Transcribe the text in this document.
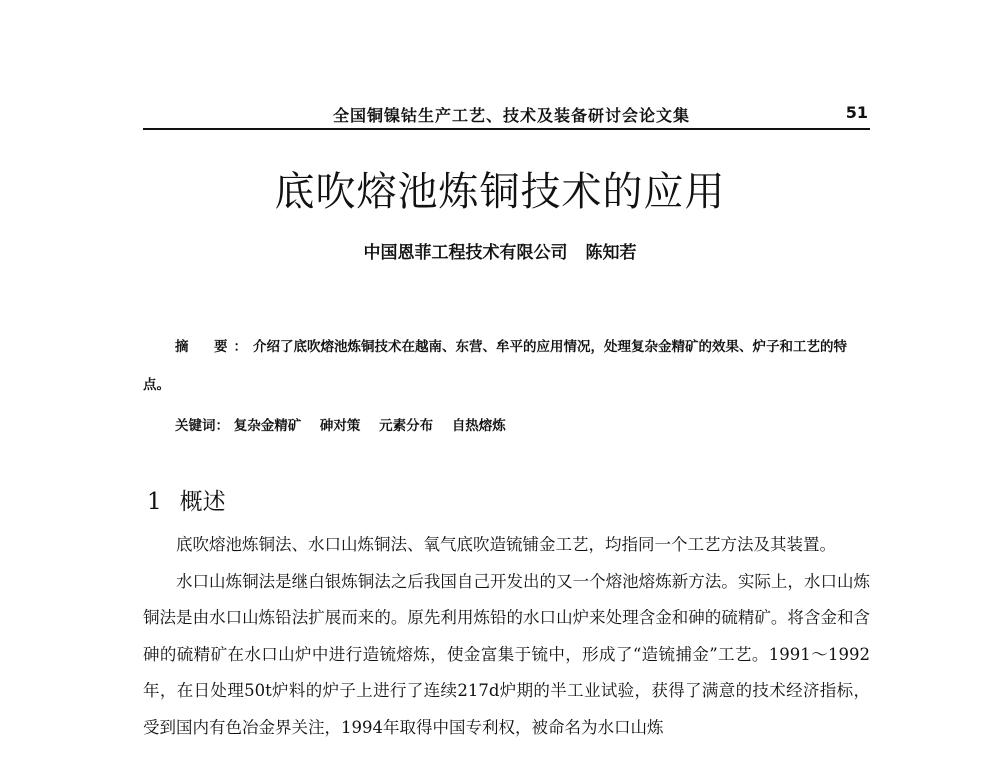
全国铜镍钴生产工艺、技术及装备研讨会论文集	51
底吹熔池炼铜技术的应用
中国恩菲工程技术有限公司 陈知若
摘　要：介绍了底吹熔池炼铜技术在越南、东营、牟平的应用情况，处理复杂金精矿的效果、炉子和工艺的特点。
关键词： 复杂金精矿 砷对策 元素分布 自热熔炼
1 概述

底吹熔池炼铜法、水口山炼铜法、氧气底吹造锍铺金工艺，均指同一个工艺方法及其装置。

水口山炼铜法是继白银炼铜法之后我国自己开发出的又一个熔池熔炼新方法。实际上，水口山炼铜法是由水口山炼铅法扩展而来的。原先利用炼铅的水口山炉来处理含金和砷的硫精矿。将含金和含砷的硫精矿在水口山炉中进行造锍熔炼，使金富集于锍中，形成了“造锍捕金”工艺。1991～1992年，在日处理50t炉料的炉子上进行了连续217d炉期的半工业试验，获得了满意的技术经济指标，受到国内有色冶金界关注，1994年取得中国专利权，被命名为水口山炼
